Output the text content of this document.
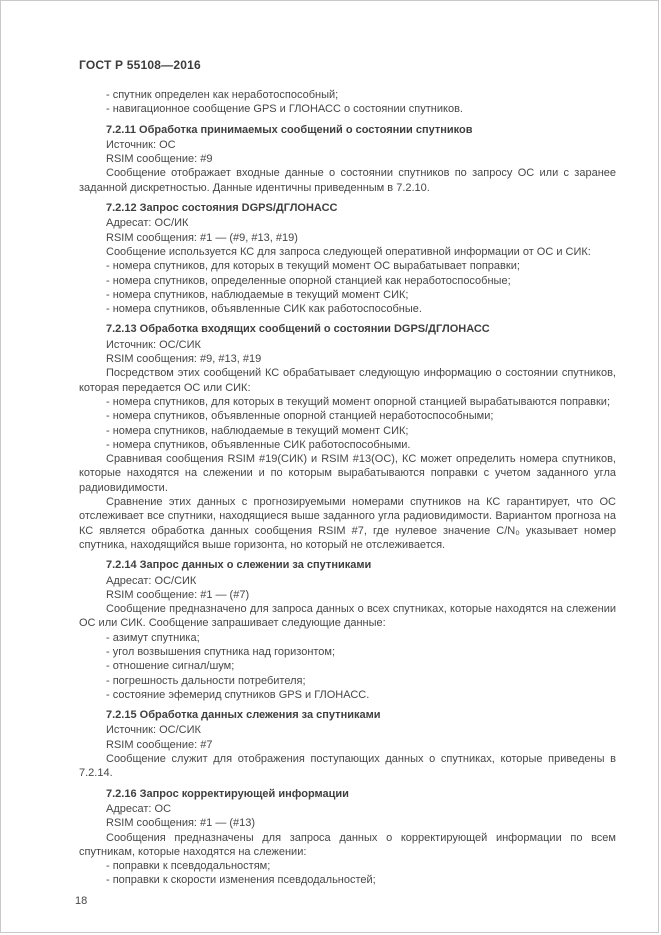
ГОСТ Р 55108—2016

- спутник определен как неработоспособный;

- навигационное сообщение GPS и ГЛОНАСС о состоянии спутников.

7.2.11 Обработка принимаемых сообщений о состоянии спутников

Источник: ОС

RSIM сообщение: #9

Сообщение отображает входные данные о состоянии спутников по запросу ОС или с заранее заданной дискретностью. Данные идентичны приведенным в 7.2.10.

7.2.12 Запрос состояния DGPS/ДГЛОНАСС

Адресат: ОС/ИК

RSIM сообщения: #1 — (#9, #13, #19)

Сообщение используется КС для запроса следующей оперативной информации от ОС и СИК:

- номера спутников, для которых в текущий момент ОС вырабатывает поправки;

- номера спутников, определенные опорной станцией как неработоспособные;

- номера спутников, наблюдаемые в текущий момент СИК;

- номера спутников, объявленные СИК как работоспособные.

7.2.13 Обработка входящих сообщений о состоянии DGPS/ДГЛОНАСС

Источник: ОС/СИК

RSIM сообщения: #9, #13, #19

Посредством этих сообщений КС обрабатывает следующую информацию о состоянии спутников, которая передается ОС или СИК:

- номера спутников, для которых в текущий момент опорной станцией вырабатываются поправки;

- номера спутников, объявленные опорной станцией неработоспособными;

- номера спутников, наблюдаемые в текущий момент СИК;

- номера спутников, объявленные СИК работоспособными.

Сравнивая сообщения RSIM #19(СИК) и RSIM #13(ОС), КС может определить номера спутников, которые находятся на слежении и по которым вырабатываются поправки с учетом заданного угла радиовидимости.

Сравнение этих данных с прогнозируемыми номерами спутников на КС гарантирует, что ОС отслеживает все спутники, находящиеся выше заданного угла радиовидимости. Вариантом прогноза на КС является обработка данных сообщения RSIM #7, где нулевое значение C/N₀ указывает номер спутника, находящийся выше горизонта, но который не отслеживается.

7.2.14 Запрос данных о слежении за спутниками

Адресат: ОС/СИК

RSIM сообщение: #1 — (#7)

Сообщение предназначено для запроса данных о всех спутниках, которые находятся на слежении ОС или СИК. Сообщение запрашивает следующие данные:

- азимут спутника;

- угол возвышения спутника над горизонтом;

- отношение сигнал/шум;

- погрешность дальности потребителя;

- состояние эфемерид спутников GPS и ГЛОНАСС.

7.2.15 Обработка данных слежения за спутниками

Источник: ОС/СИК

RSIM сообщение: #7

Сообщение служит для отображения поступающих данных о спутниках, которые приведены в 7.2.14.

7.2.16 Запрос корректирующей информации

Адресат: ОС

RSIM сообщения: #1 — (#13)

Сообщения предназначены для запроса данных о корректирующей информации по всем спутникам, которые находятся на слежении:

- поправки к псевдодальностям;

- поправки к скорости изменения псевдодальностей;

18
